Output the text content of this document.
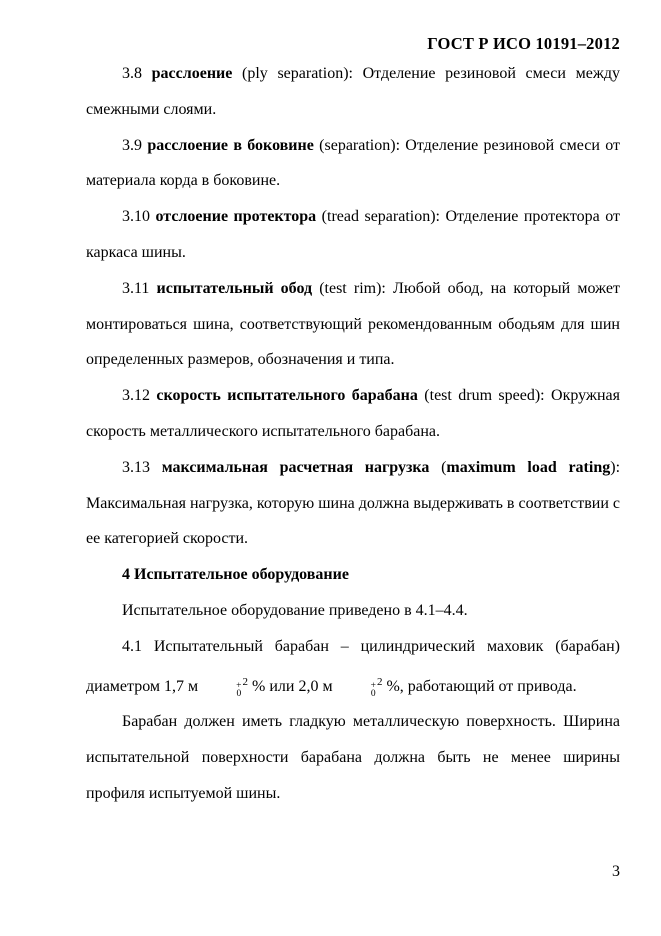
ГОСТ Р ИСО 10191–2012

3.8 расслоение (ply separation): Отделение резиновой смеси между смежными слоями.

3.9 расслоение в боковине (separation): Отделение резиновой смеси от материала корда в боковине.

3.10 отслоение протектора (tread separation): Отделение протектора от каркаса шины.

3.11 испытательный обод (test rim): Любой обод, на который может монтироваться шина, соответствующий рекомендованным ободьям для шин определенных размеров, обозначения и типа.

3.12 скорость испытательного барабана (test drum speed): Окружная скорость металлического испытательного барабана.

3.13 максимальная расчетная нагрузка (maximum load rating): Максимальная нагрузка, которую шина должна выдерживать в соответствии с ее категорией скорости.

4 Испытательное оборудование

Испытательное оборудование приведено в 4.1–4.4.

4.1 Испытательный барабан – цилиндрический маховик (барабан) диаметром 1,7 м	+
0
$^2$ % или 2,0 м	+
0
$^2$ %, работающий от привода.

Барабан должен иметь гладкую металлическую поверхность. Ширина испытательной поверхности барабана должна быть не менее ширины профиля испытуемой шины.

3
